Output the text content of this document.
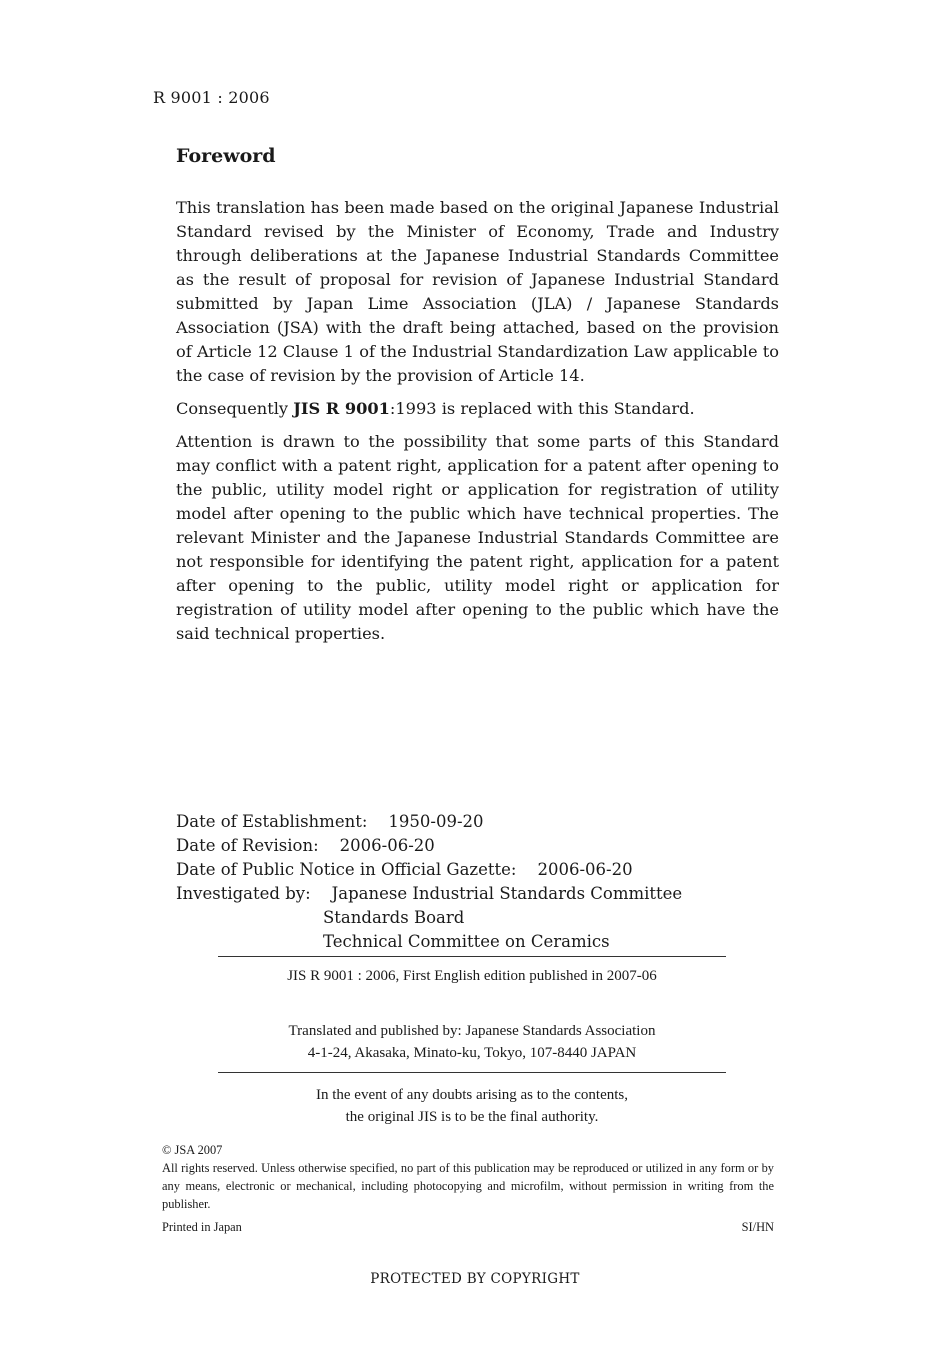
R 9001 : 2006
Foreword

This translation has been made based on the original Japanese Industrial Standard revised by the Minister of Economy, Trade and Industry through deliberations at the Japanese Industrial Standards Committee as the result of proposal for revision of Japanese Industrial Standard submitted by Japan Lime Association (JLA) / Japanese Standards Association (JSA) with the draft being attached, based on the provision of Article 12 Clause 1 of the Industrial Standardization Law applicable to the case of revision by the provision of Article 14.

Consequently JIS R 9001:1993 is replaced with this Standard.

Attention is drawn to the possibility that some parts of this Standard may conflict with a patent right, application for a patent after opening to the public, utility model right or application for registration of utility model after opening to the public which have technical properties. The relevant Minister and the Japanese Industrial Standards Committee are not responsible for identifying the patent right, application for a patent after opening to the public, utility model right or application for registration of utility model after opening to the public which have the said technical properties.

Date of Establishment: 1950-09-20
Date of Revision: 2006-06-20
Date of Public Notice in Official Gazette: 2006-06-20
Investigated by: Japanese Industrial Standards Committee
Standards Board
Technical Committee on Ceramics
JIS R 9001 : 2006, First English edition published in 2007-06
Translated and published by: Japanese Standards Association
4-1-24, Akasaka, Minato-ku, Tokyo, 107-8440 JAPAN
In the event of any doubts arising as to the contents,
the original JIS is to be the final authority.

© JSA 2007

All rights reserved. Unless otherwise specified, no part of this publication may be reproduced or utilized in any form or by any means, electronic or mechanical, including photocopying and microfilm, without permission in writing from the publisher.

Printed in Japan	SI/HN
PROTECTED BY COPYRIGHT
